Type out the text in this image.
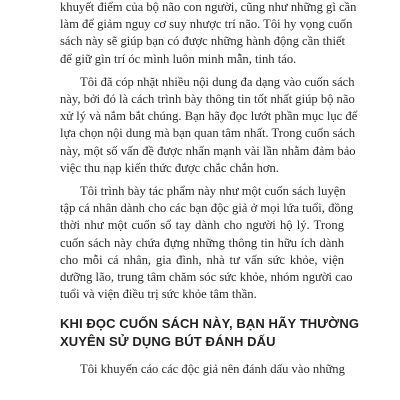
khuyết điểm của bộ não con người, cũng như những gì cần
làm để giảm nguy cơ suy nhược trí não. Tôi hy vọng cuốn
sách này sẽ giúp bạn có được những hành động cần thiết
để giữ gìn trí óc mình luôn minh mẫn, tinh táo.
Tôi đã cóp nhặt nhiều nội dung đa dạng vào cuốn sách
này, bởi đó là cách trình bày thông tin tốt nhất giúp bộ não
xử lý và nắm bắt chúng. Bạn hãy đọc lướt phần mục lục để
lựa chọn nội dung mà bạn quan tâm nhất. Trong cuốn sách
này, một số vấn đề được nhấn mạnh vài lần nhằm đảm bảo
việc thu nạp kiến thức được chắc chắn hơn.
Tôi trình bày tác phẩm này như một cuốn sách luyện
tập cá nhân dành cho các bạn độc giả ở mọi lứa tuổi, đồng
thời như một cuốn sổ tay dành cho người hộ lý. Trong
cuốn sách này chứa đựng những thông tin hữu ích dành
cho mỗi cá nhân, gia đình, nhà tư vấn sức khỏe, viện
dưỡng lão, trung tâm chăm sóc sức khỏe, nhóm người cao
tuổi và viện điều trị sức khỏe tâm thần.
KHI ĐỌC CUỐN SÁCH NÀY, BẠN HÃY THƯỜNG
XUYÊN SỬ DỤNG BÚT ĐÁNH DẤU
Tôi khuyến cáo các độc giả nên đánh dấu vào những
